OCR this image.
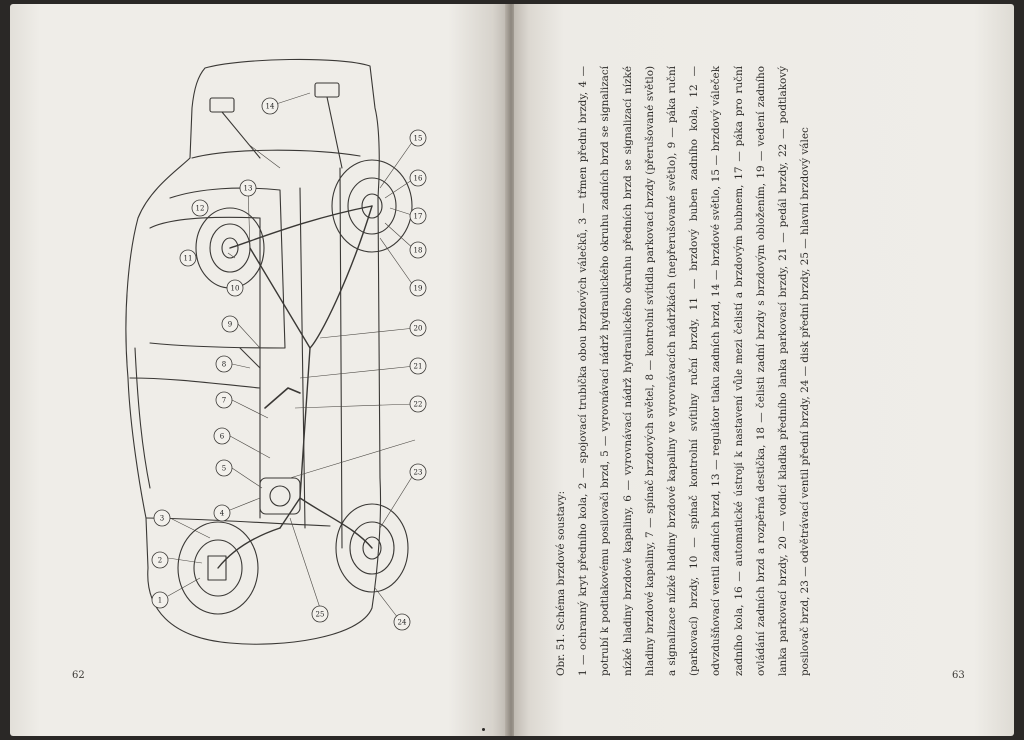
1
2
3
4
5
6
7
8
9
10
11
12
13
14
15
16
17
18
19
20
21
22
23
24
25
62	Obr. 51. Schéma brzdové soustavy: 1 — ochranný kryt předního kola, 2 — spojovací trubička obou brzdových válečků, 3 — třmen přední brzdy, 4 — potrubí k podtlakovému posilovači brzd, 5 — vyrovnávací nádrž hydraulického okruhu zadních brzd se signalizací nízké hladiny brzdové kapaliny, 6 — vyrovnávací nádrž hydraulického okruhu předních brzd se signalizací nízké hladiny brzdové kapaliny, 7 — spínač brzdových světel, 8 — kontrolní svítidla parkovací brzdy (přerušované světlo) a signalizace nízké hladiny brzdové kapaliny ve vyrovnávacích nádržkách (nepřerušované světlo), 9 — páka ruční (parkovací) brzdy, 10 — spínač kontrolní svítilny ruční brzdy, 11 — brzdový buben zadního kola, 12 — odvzdušňovací ventil zadních brzd, 13 — regulátor tlaku zadních brzd, 14 — brzdové světlo, 15 — brzdový váleček zadního kola, 16 — automatické ústrojí k nastavení vůle mezi čelistí a brzdovým bubnem, 17 — páka pro ruční ovládání zadních brzd a rozpěrná destička, 18 — čelisti zadní brzdy s brzdovým obložením, 19 — vedení zadního lanka parkovací brzdy, 20 — vodicí kladka předního lanka parkovací brzdy, 21 — pedál brzdy, 22 — podtlakový posilovač brzd, 23 — odvětrávací ventil přední brzdy, 24 — disk přední brzdy, 25 — hlavní brzdový válec	63
